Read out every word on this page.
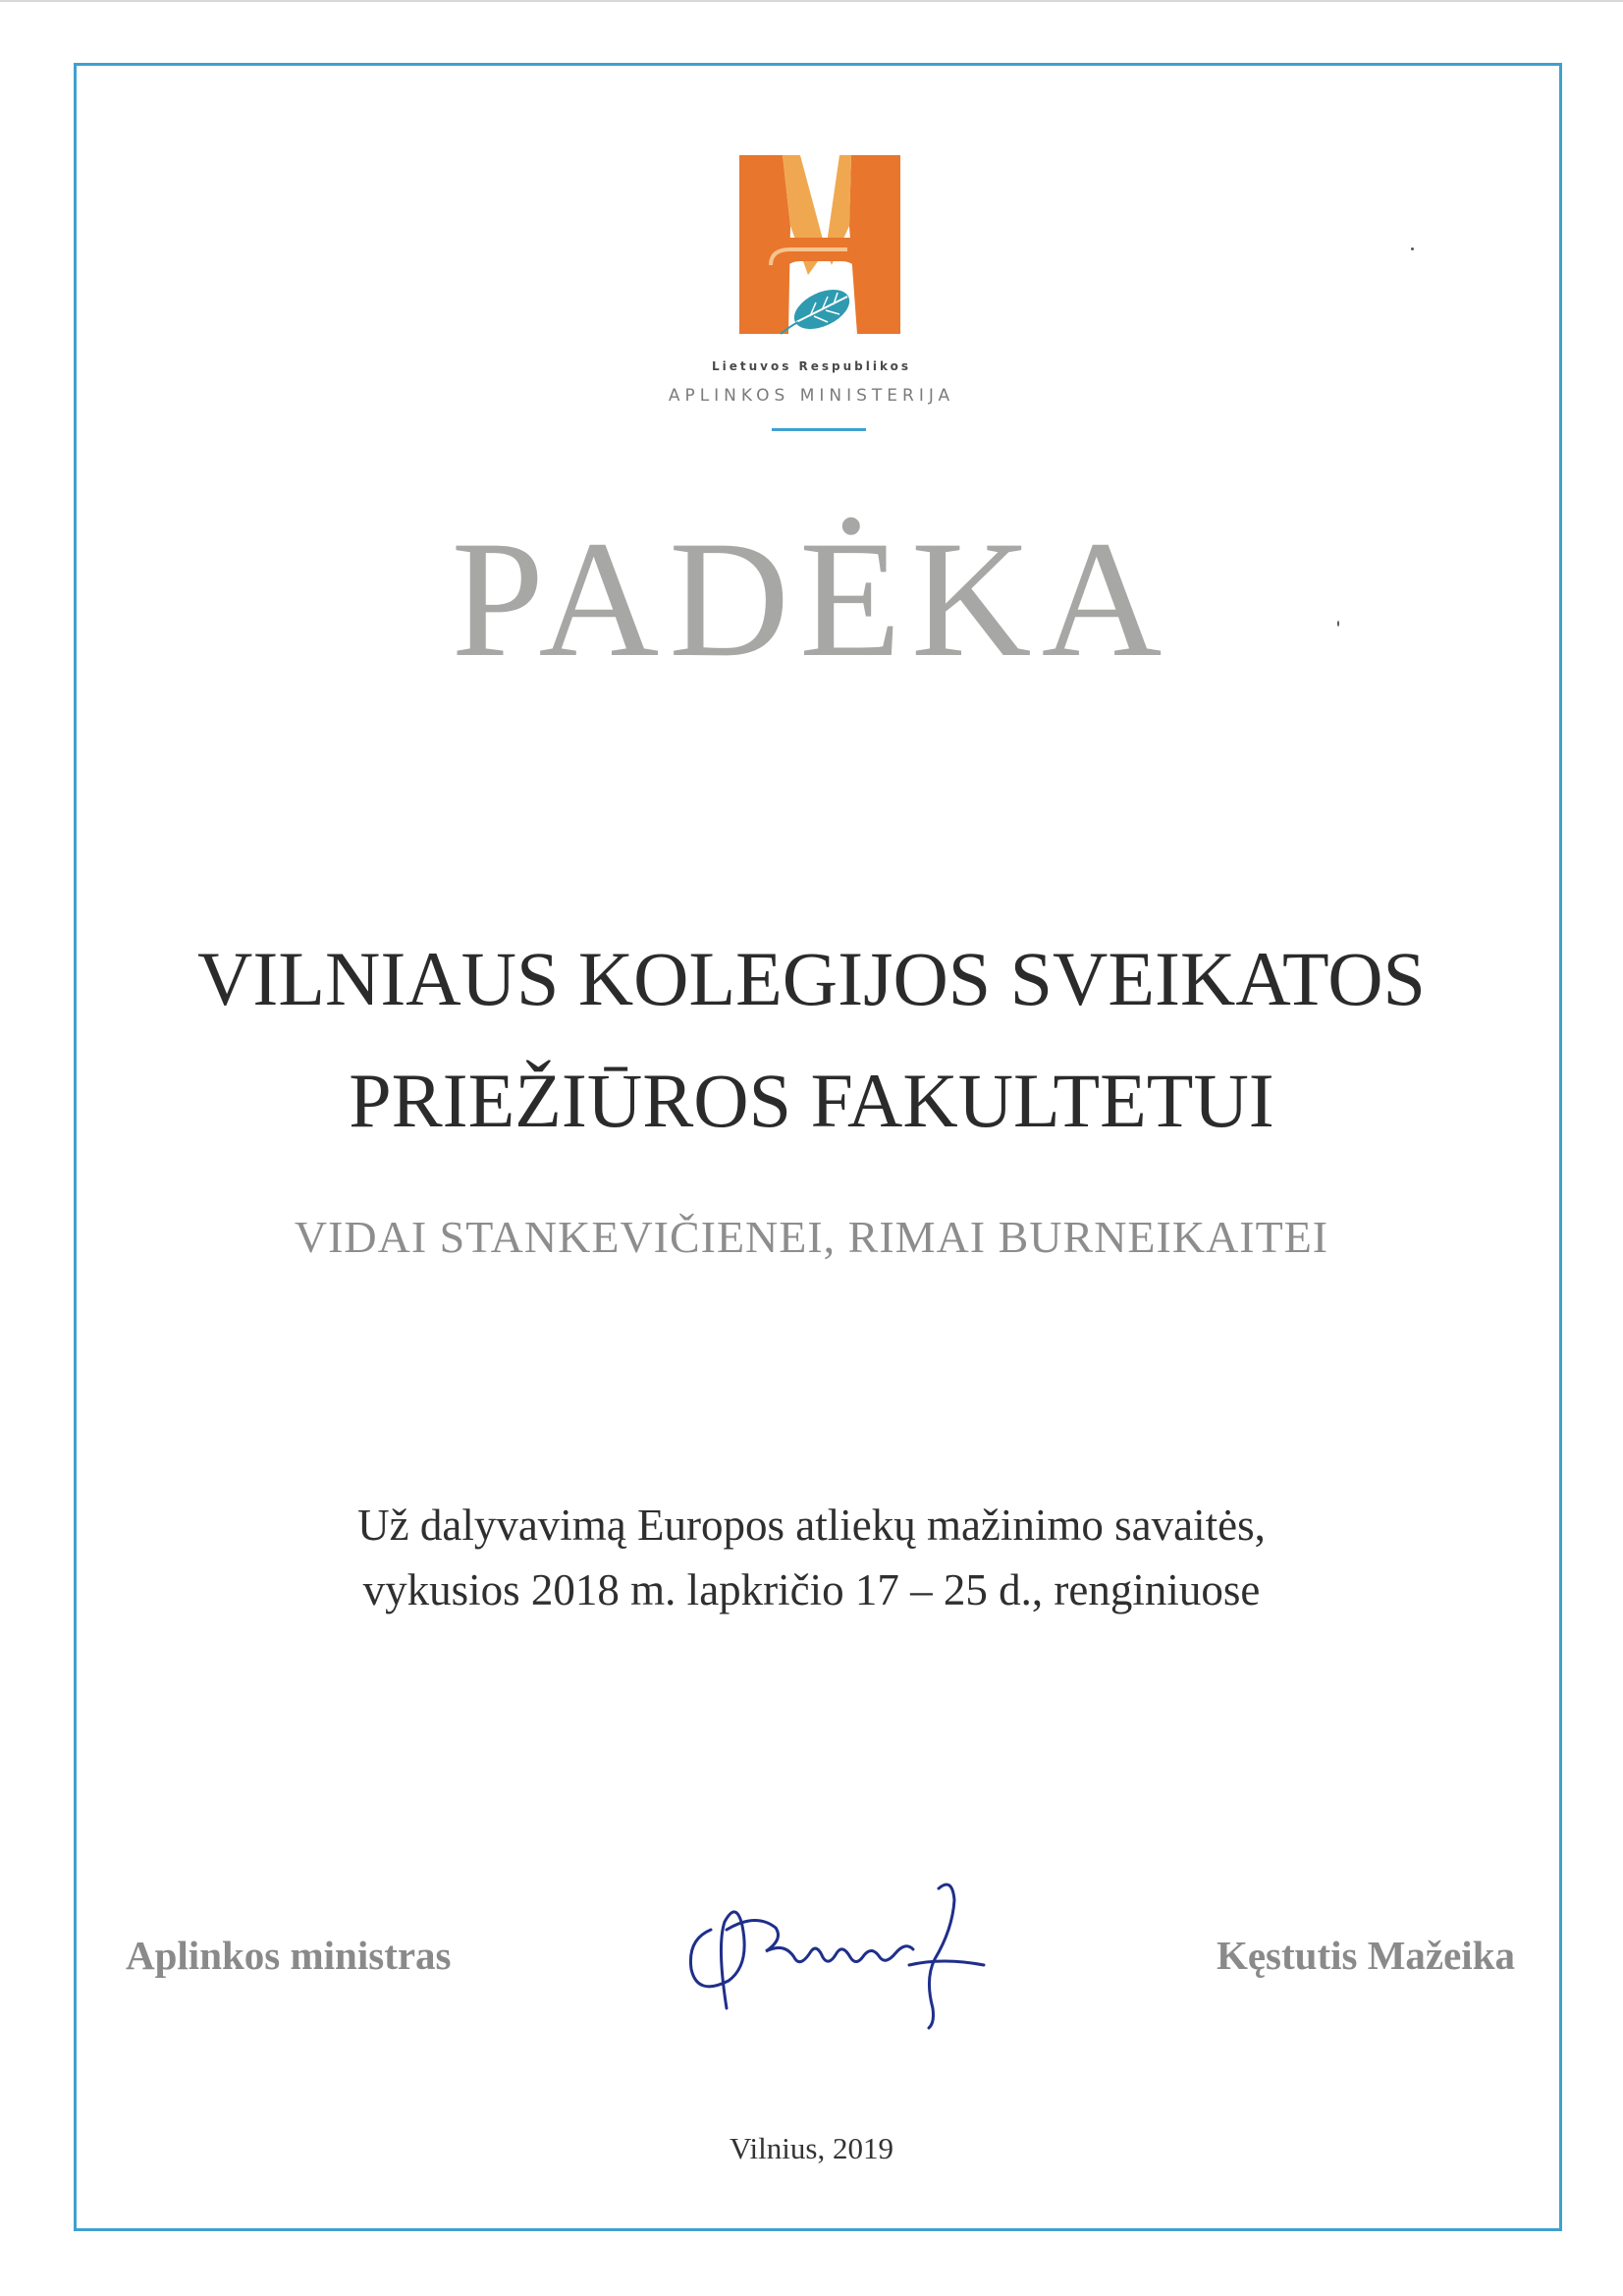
Lietuvos Respublikos
APLINKOS MINISTERIJA
PADĖKA
VILNIAUS KOLEGIJOS SVEIKATOS
PRIEŽIŪROS FAKULTETUI
VIDAI STANKEVIČIENEI, RIMAI BURNEIKAITEI
Už dalyvavimą Europos atliekų mažinimo savaitės,
vykusios 2018 m. lapkričio 17 – 25 d., renginiuose
Aplinkos ministras	Kęstutis Mažeika
Vilnius, 2019
